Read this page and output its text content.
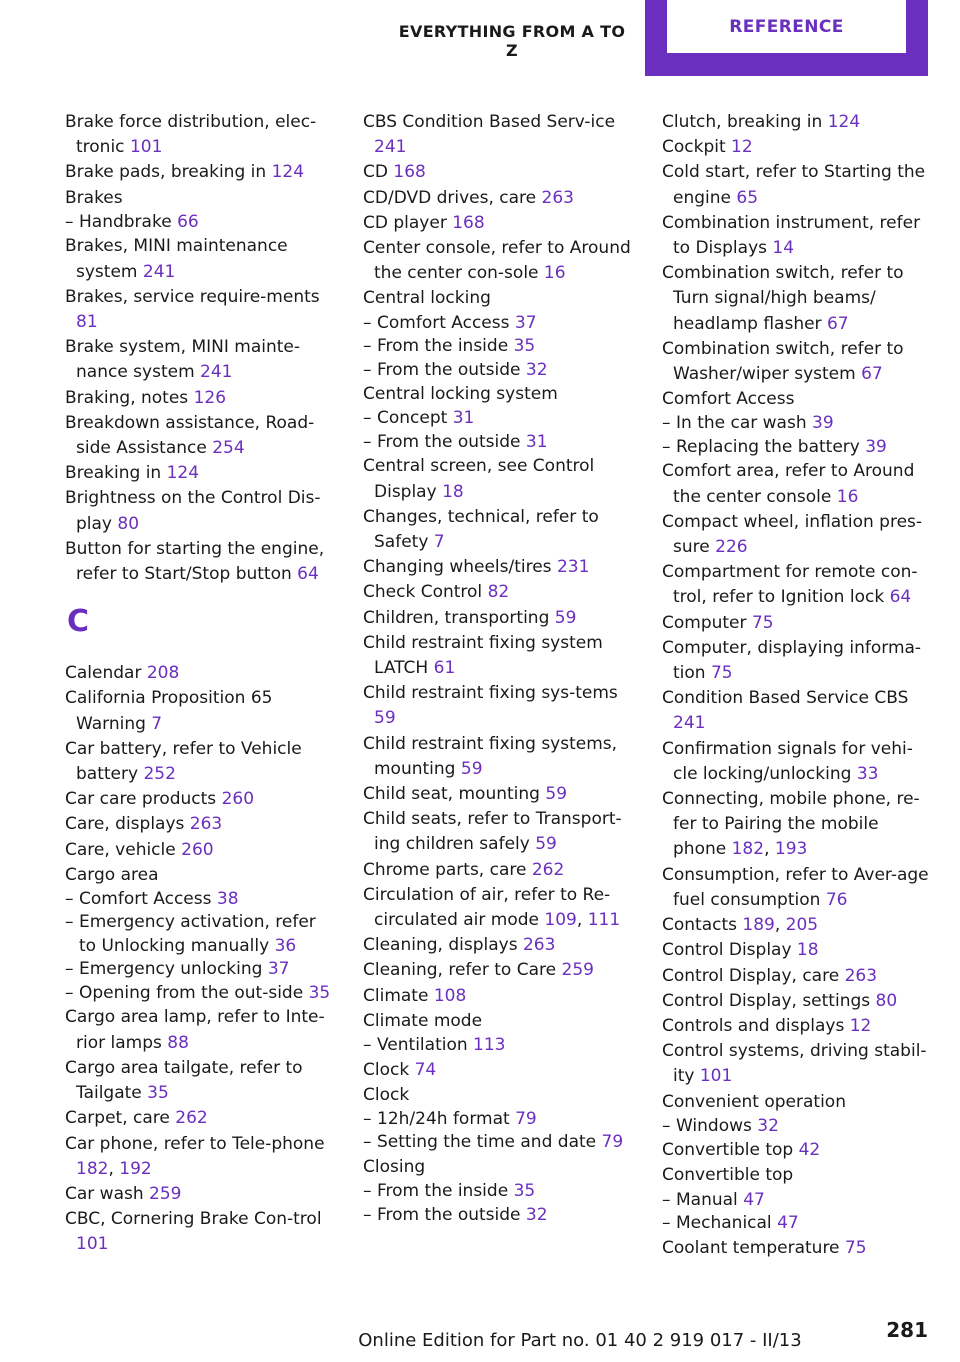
EVERYTHING FROM A TO Z
REFERENCE
Brake force distribution, elec-tronic 101
Brake pads, breaking in 124
Brakes
– Handbrake 66
Brakes, MINI maintenance system 241
Brakes, service require-ments 81
Brake system, MINI mainte-nance system 241
Braking, notes 126
Breakdown assistance, Road-side Assistance 254
Breaking in 124
Brightness on the Control Dis-play 80
Button for starting the engine, refer to Start/Stop button 64
C
Calendar 208
California Proposition 65 Warning 7
Car battery, refer to Vehicle battery 252
Car care products 260
Care, displays 263
Care, vehicle 260
Cargo area
– Comfort Access 38
– Emergency activation, refer to Unlocking manually 36
– Emergency unlocking 37
– Opening from the out-side 35
Cargo area lamp, refer to Inte-rior lamps 88
Cargo area tailgate, refer to Tailgate 35
Carpet, care 262
Car phone, refer to Tele-phone 182, 192
Car wash 259
CBC, Cornering Brake Con-trol 101
CBS Condition Based Serv-ice 241
CD 168
CD/DVD drives, care 263
CD player 168
Center console, refer to Around the center con-sole 16
Central locking
– Comfort Access 37
– From the inside 35
– From the outside 32
Central locking system
– Concept 31
– From the outside 31
Central screen, see Control Display 18
Changes, technical, refer to Safety 7
Changing wheels/tires 231
Check Control 82
Children, transporting 59
Child restraint fixing system LATCH 61
Child restraint fixing sys-tems 59
Child restraint fixing systems, mounting 59
Child seat, mounting 59
Child seats, refer to Transport-ing children safely 59
Chrome parts, care 262
Circulation of air, refer to Re-circulated air mode 109, 111
Cleaning, displays 263
Cleaning, refer to Care 259
Climate 108
Climate mode
– Ventilation 113
Clock 74
Clock
– 12h/24h format 79
– Setting the time and date 79
Closing
– From the inside 35
– From the outside 32
Clutch, breaking in 124
Cockpit 12
Cold start, refer to Starting the engine 65
Combination instrument, refer to Displays 14
Combination switch, refer to Turn signal/high beams/ headlamp flasher 67
Combination switch, refer to Washer/wiper system 67
Comfort Access
– In the car wash 39
– Replacing the battery 39
Comfort area, refer to Around the center console 16
Compact wheel, inflation pres-sure 226
Compartment for remote con-trol, refer to Ignition lock 64
Computer 75
Computer, displaying informa-tion 75
Condition Based Service CBS 241
Confirmation signals for vehi-cle locking/unlocking 33
Connecting, mobile phone, re-fer to Pairing the mobile phone 182, 193
Consumption, refer to Aver-age fuel consumption 76
Contacts 189, 205
Control Display 18
Control Display, care 263
Control Display, settings 80
Controls and displays 12
Control systems, driving stabil-ity 101
Convenient operation
– Windows 32
Convertible top 42
Convertible top
– Manual 47
– Mechanical 47
Coolant temperature 75
Online Edition for Part no. 01 40 2 919 017 - II/13	281
